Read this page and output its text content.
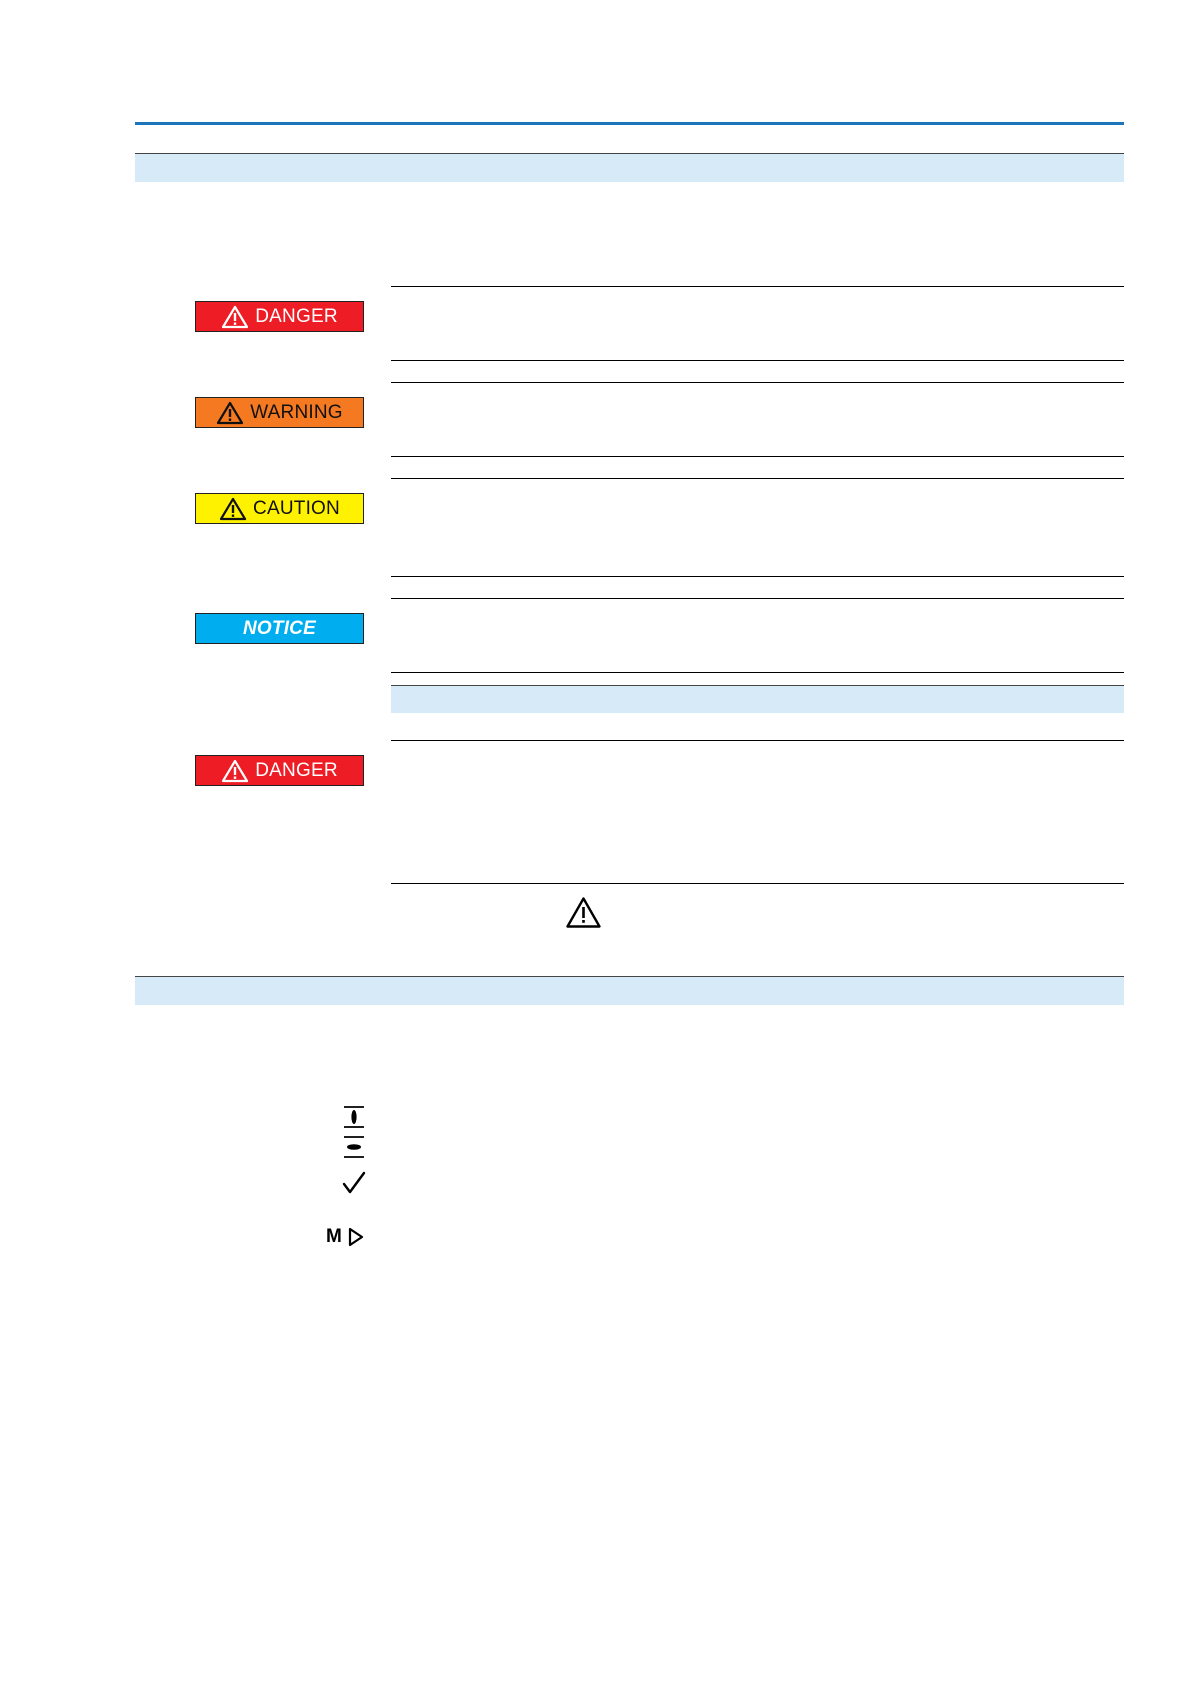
DANGER
WARNING
CAUTION
NOTICE
DANGER
M
